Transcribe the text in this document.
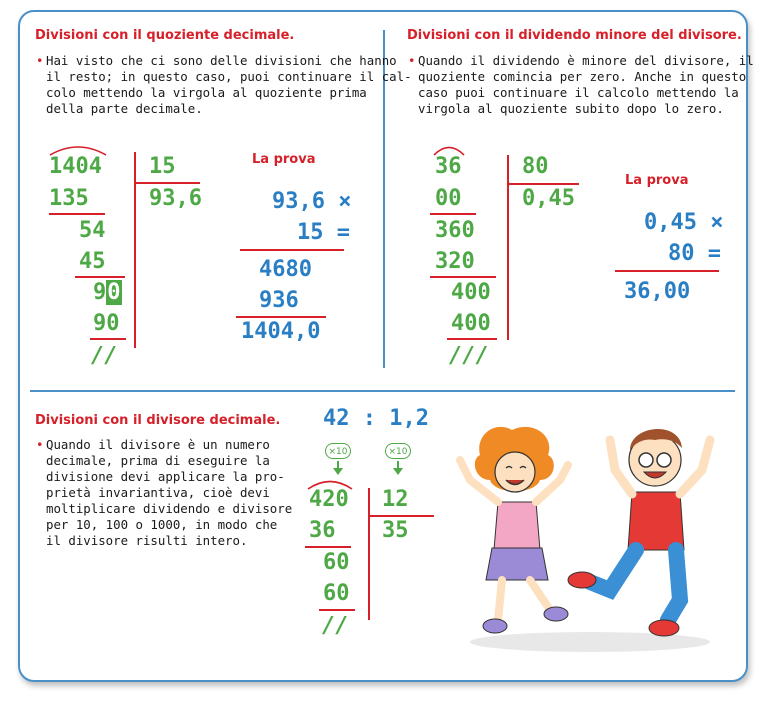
Divisioni con il quoziente decimale.
• Hai visto che ci sono delle divisioni che hanno
il resto; in questo caso, puoi continuare il cal-
colo mettendo la virgola al quoziente prima
della parte decimale.
1404 15
93,6
135
54
45
90
90
//
La prova
93,6 ×
15 =
4680
936
1404,0
Divisioni con il dividendo minore del divisore.
• Quando il dividendo è minore del divisore, il
quoziente comincia per zero. Anche in questo
caso puoi continuare il calcolo mettendo la
virgola al quoziente subito dopo lo zero.
36	80
0,45
00
360
320
400
400
///
La prova
0,45 ×
80 =
36,00
Divisioni con il divisore decimale.
• Quando il divisore è un numero
decimale, prima di eseguire la
divisione devi applicare la pro-
prietà invariantiva, cioè devi
moltiplicare dividendo e divisore
per 10, 100 o 1000, in modo che
il divisore risulti intero.
42 : 1,2
×10	×10
420 12
35
36
60
60
//
